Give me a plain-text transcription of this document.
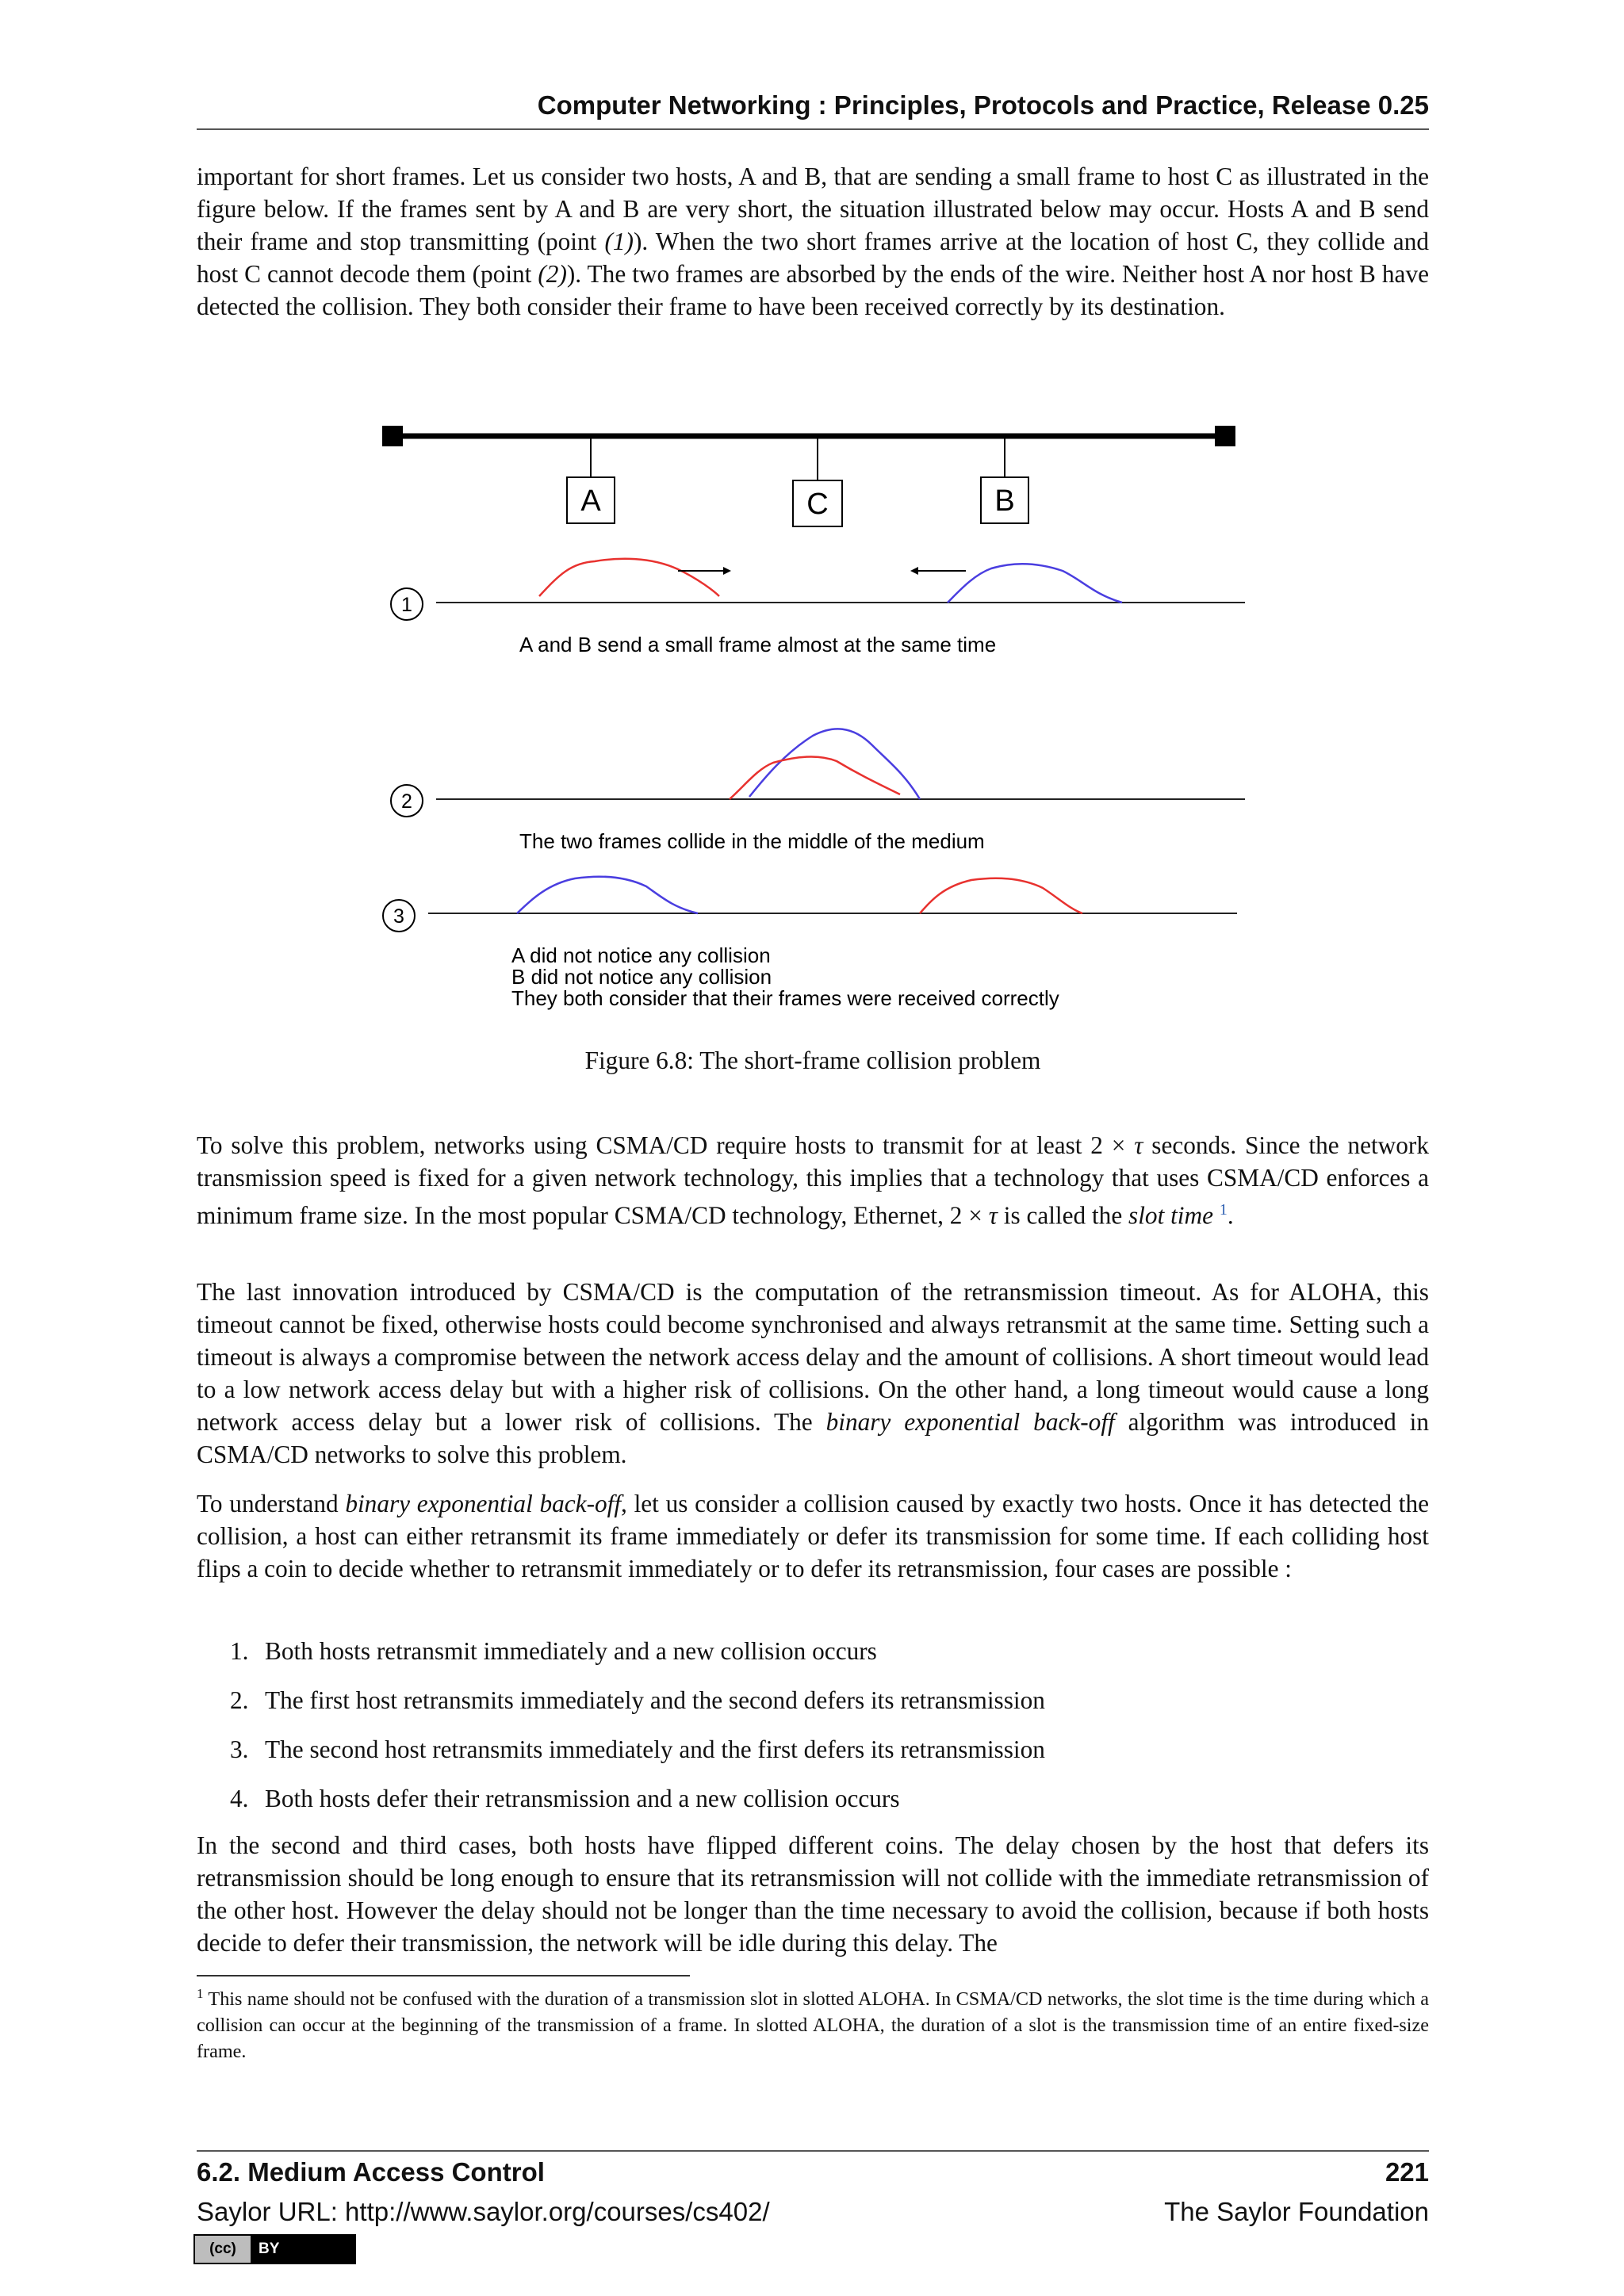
Computer Networking : Principles, Protocols and Practice, Release 0.25

important for short frames. Let us consider two hosts, A and B, that are sending a small frame to host C as illustrated in the figure below. If the frames sent by A and B are very short, the situation illustrated below may occur. Hosts A and B send their frame and stop transmitting (point (1)). When the two short frames arrive at the location of host C, they collide and host C cannot decode them (point (2)). The two frames are absorbed by the ends of the wire. Neither host A nor host B have detected the collision. They both consider their frame to have been received correctly by its destination.

A	C	B
1
A and B send a small frame almost at the same time
2
The two frames collide in the middle of the medium
3
A did not notice any collision
B did not notice any collision
They both consider that their frames were received correctly
Figure 6.8: The short-frame collision problem

To solve this problem, networks using CSMA/CD require hosts to transmit for at least 2 × τ seconds. Since the network transmission speed is fixed for a given network technology, this implies that a technology that uses CSMA/CD enforces a minimum frame size. In the most popular CSMA/CD technology, Ethernet, 2 × τ is called the slot time $^1$.

The last innovation introduced by CSMA/CD is the computation of the retransmission timeout. As for ALOHA, this timeout cannot be fixed, otherwise hosts could become synchronised and always retransmit at the same time. Setting such a timeout is always a compromise between the network access delay and the amount of collisions. A short timeout would lead to a low network access delay but with a higher risk of collisions. On the other hand, a long timeout would cause a long network access delay but a lower risk of collisions. The binary exponential back-off algorithm was introduced in CSMA/CD networks to solve this problem.

To understand binary exponential back-off, let us consider a collision caused by exactly two hosts. Once it has detected the collision, a host can either retransmit its frame immediately or defer its transmission for some time. If each colliding host flips a coin to decide whether to retransmit immediately or to defer its retransmission, four cases are possible :

1. Both hosts retransmit immediately and a new collision occurs
2. The first host retransmits immediately and the second defers its retransmission
3. The second host retransmits immediately and the first defers its retransmission
4. Both hosts defer their retransmission and a new collision occurs

In the second and third cases, both hosts have flipped different coins. The delay chosen by the host that defers its retransmission should be long enough to ensure that its retransmission will not collide with the immediate retransmission of the other host. However the delay should not be longer than the time necessary to avoid the collision, because if both hosts decide to defer their transmission, the network will be idle during this delay. The

$^1$ This name should not be confused with the duration of a transmission slot in slotted ALOHA. In CSMA/CD networks, the slot time is the time during which a collision can occur at the beginning of the transmission of a frame. In slotted ALOHA, the duration of a slot is the transmission time of an entire fixed-size frame.

6.2. Medium Access Control	221
Saylor URL: http://www.saylor.org/courses/cs402/	The Saylor Foundation
(cc)	BY
